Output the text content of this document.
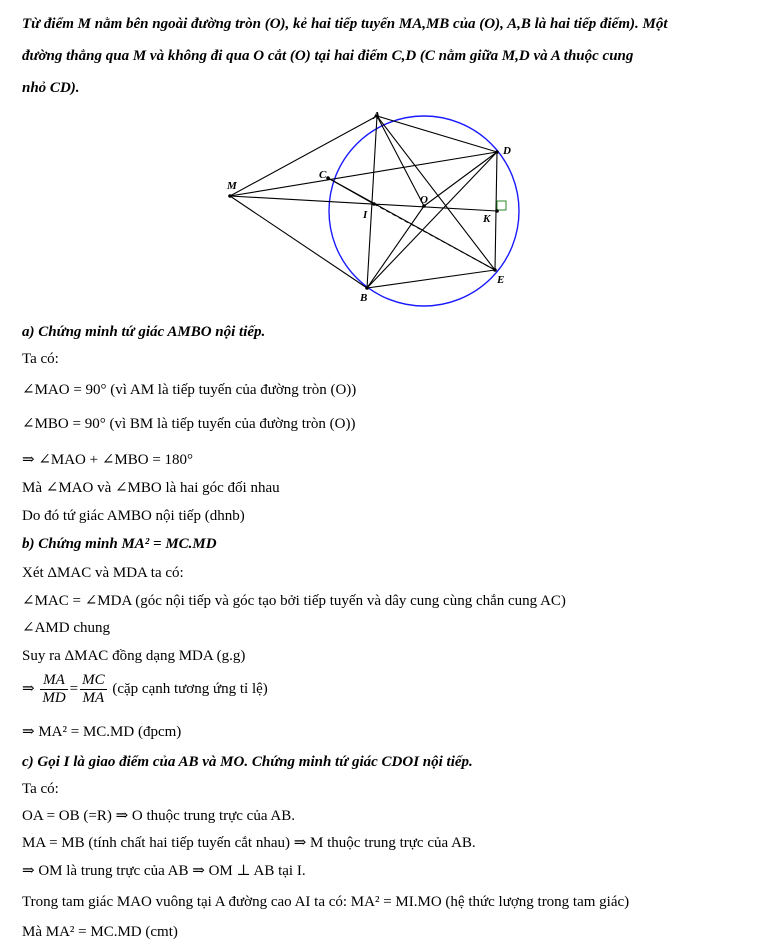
Từ điểm M nằm bên ngoài đường tròn (O), kẻ hai tiếp tuyến MA,MB của (O), A,B là hai tiếp điểm). Một
đường thẳng qua M và không đi qua O cắt (O) tại hai điểm C,D (C nằm giữa M,D và A thuộc cung
nhỏ CD).
A
D
C
M
O
I	K
E
B
a) Chứng minh tứ giác AMBO nội tiếp.
Ta có:
∠MAO = 90° (vì AM là tiếp tuyến của đường tròn (O))
∠MBO = 90° (vì BM là tiếp tuyến của đường tròn (O))
⇒ ∠MAO + ∠MBO = 180°
Mà ∠MAO và ∠MBO là hai góc đối nhau
Do đó tứ giác AMBO nội tiếp (dhnb)
b) Chứng minh MA² = MC.MD
Xét ΔMAC và MDA ta có:
∠MAC = ∠MDA (góc nội tiếp và góc tạo bởi tiếp tuyến và dây cung cùng chắn cung AC)
∠AMD chung
Suy ra ΔMAC đồng dạng MDA (g.g)
⇒ $\frac{MA}{MD} = \frac{MC}{MA}$ (cặp cạnh tương ứng tỉ lệ)
⇒ MA² = MC.MD (đpcm)
c) Gọi I là giao điểm của AB và MO. Chứng minh tứ giác CDOI nội tiếp.
Ta có:
OA = OB (=R) ⇒ O thuộc trung trực của AB.
MA = MB (tính chất hai tiếp tuyến cắt nhau) ⇒ M thuộc trung trực của AB.
⇒ OM là trung trực của AB ⇒ OM ⊥ AB tại I.
Trong tam giác MAO vuông tại A đường cao AI ta có: MA² = MI.MO (hệ thức lượng trong tam giác)
Mà MA² = MC.MD (cmt)
